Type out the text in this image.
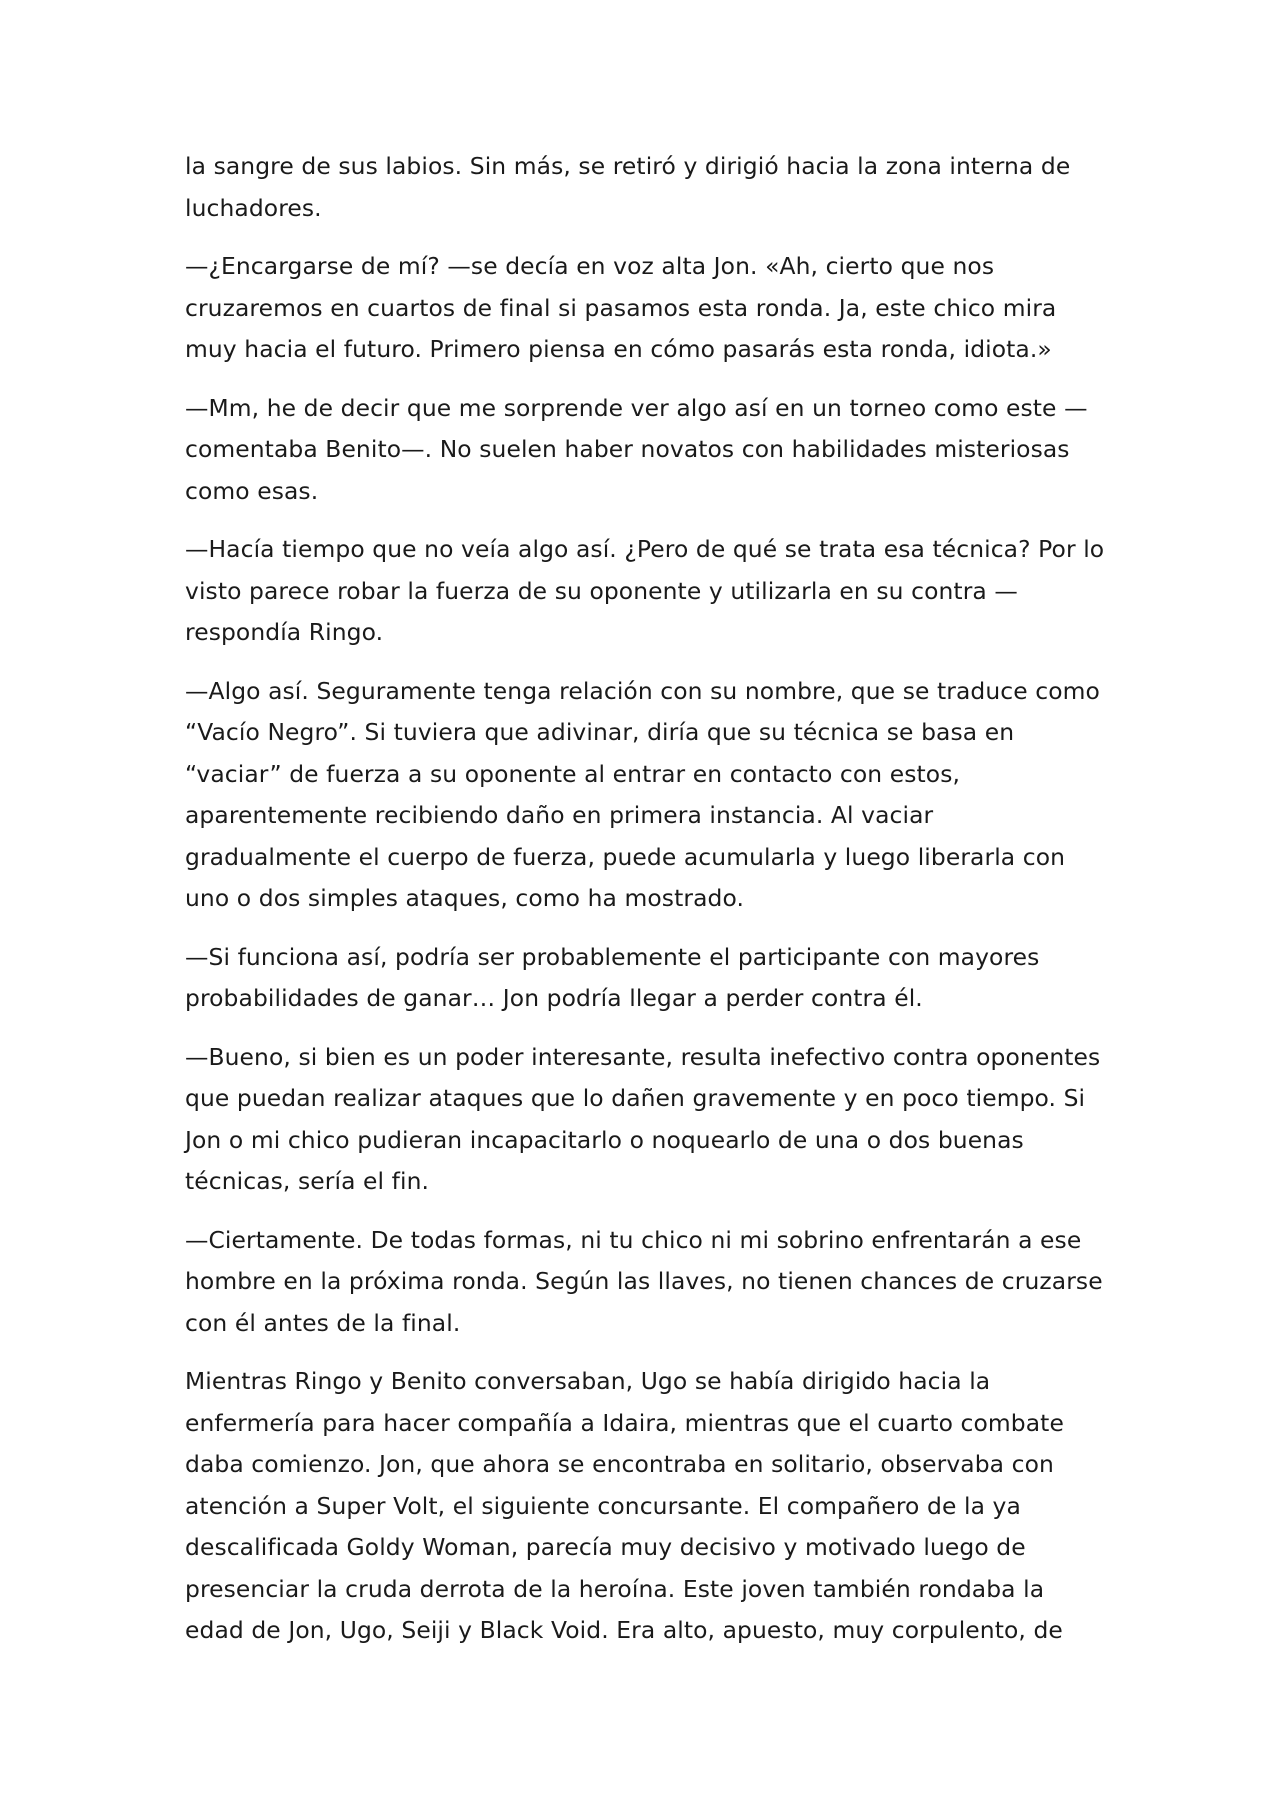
la sangre de sus labios. Sin más, se retiró y dirigió hacia la zona interna de luchadores.

—¿Encargarse de mí? —se decía en voz alta Jon. «Ah, cierto que nos cruzaremos en cuartos de final si pasamos esta ronda. Ja, este chico mira muy hacia el futuro. Primero piensa en cómo pasarás esta ronda, idiota.»

—Mm, he de decir que me sorprende ver algo así en un torneo como este —comentaba Benito—. No suelen haber novatos con habilidades misteriosas como esas.

—Hacía tiempo que no veía algo así. ¿Pero de qué se trata esa técnica? Por lo visto parece robar la fuerza de su oponente y utilizarla en su contra —respondía Ringo.

—Algo así. Seguramente tenga relación con su nombre, que se traduce como “Vacío Negro”. Si tuviera que adivinar, diría que su técnica se basa en “vaciar” de fuerza a su oponente al entrar en contacto con estos, aparentemente recibiendo daño en primera instancia. Al vaciar gradualmente el cuerpo de fuerza, puede acumularla y luego liberarla con uno o dos simples ataques, como ha mostrado.

—Si funciona así, podría ser probablemente el participante con mayores probabilidades de ganar… Jon podría llegar a perder contra él.

—Bueno, si bien es un poder interesante, resulta inefectivo contra oponentes que puedan realizar ataques que lo dañen gravemente y en poco tiempo. Si Jon o mi chico pudieran incapacitarlo o noquearlo de una o dos buenas técnicas, sería el fin.

—Ciertamente. De todas formas, ni tu chico ni mi sobrino enfrentarán a ese hombre en la próxima ronda. Según las llaves, no tienen chances de cruzarse con él antes de la final.

Mientras Ringo y Benito conversaban, Ugo se había dirigido hacia la enfermería para hacer compañía a Idaira, mientras que el cuarto combate daba comienzo. Jon, que ahora se encontraba en solitario, observaba con atención a Super Volt, el siguiente concursante. El compañero de la ya descalificada Goldy Woman, parecía muy decisivo y motivado luego de presenciar la cruda derrota de la heroína. Este joven también rondaba la edad de Jon, Ugo, Seiji y Black Void. Era alto, apuesto, muy corpulento, de
